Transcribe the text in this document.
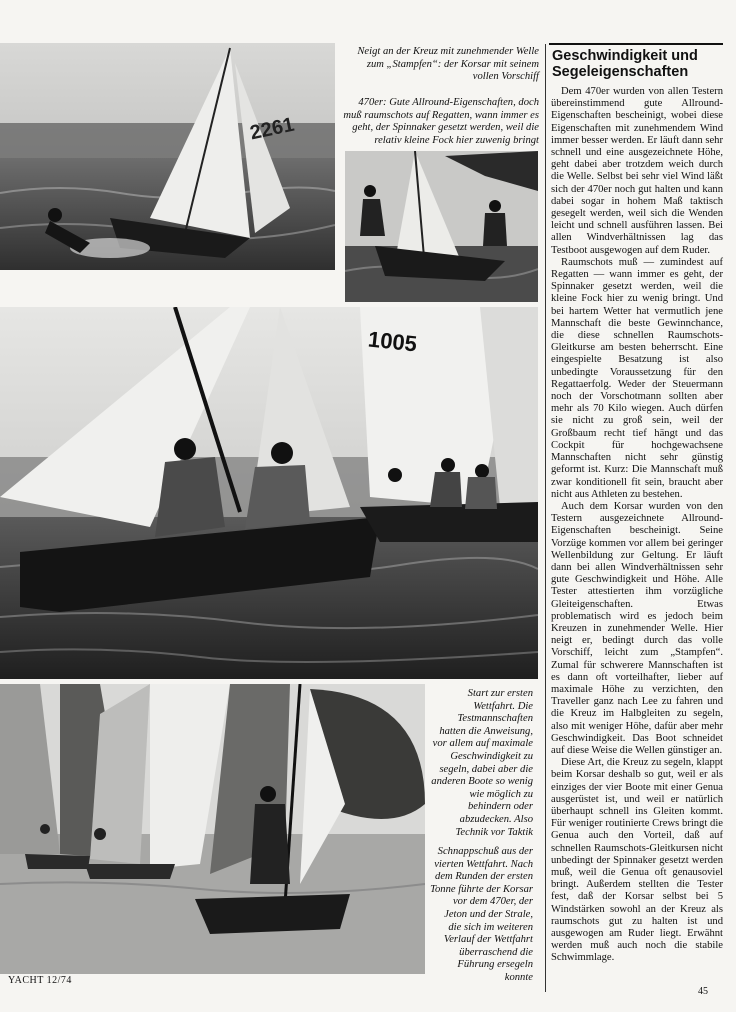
2261
Neigt an der Kreuz mit zunehmender Welle zum „Stampfen“: der Korsar mit seinem vollen Vorschiff
470er: Gute Allround-Eigenschaften, doch muß raumschots auf Regatten, wann immer es geht, der Spinnaker gesetzt werden, weil die relativ kleine Fock hier zuwenig bringt
1005
Start zur ersten Wettfahrt. Die Testmannschaften hatten die Anweisung, vor allem auf maximale Geschwindigkeit zu segeln, dabei aber die anderen Boote so wenig wie möglich zu behindern oder abzudecken. Also Technik vor Taktik
Schnappschuß aus der vierten Wettfahrt. Nach dem Runden der ersten Tonne führte der Korsar vor dem 470er, der Jeton und der Strale, die sich im weiteren Verlauf der Wettfahrt überraschend die Führung ersegeln konnte
Geschwindigkeit und Segeleigenschaften

Dem 470er wurden von allen Testern übereinstimmend gute Allround-Eigenschaften bescheinigt, wobei diese Eigenschaften mit zunehmendem Wind immer besser werden. Er läuft dann sehr schnell und eine ausgezeichnete Höhe, geht dabei aber trotzdem weich durch die Welle. Selbst bei sehr viel Wind läßt sich der 470er noch gut halten und kann dabei sogar in hohem Maß taktisch gesegelt werden, weil sich die Wenden leicht und schnell ausführen lassen. Bei allen Windverhältnissen lag das Testboot ausgewogen auf dem Ruder.

Raumschots muß — zumindest auf Regatten — wann immer es geht, der Spinnaker gesetzt werden, weil die kleine Fock hier zu wenig bringt. Und bei hartem Wetter hat vermutlich jene Mannschaft die beste Gewinnchance, die diese schnellen Raumschots-Gleitkurse am besten beherrscht. Eine eingespielte Besatzung ist also unbedingte Voraussetzung für den Regattaerfolg. Weder der Steuermann noch der Vorschotmann sollten aber mehr als 70 Kilo wiegen. Auch dürfen sie nicht zu groß sein, weil der Großbaum recht tief hängt und das Cockpit für hochgewachsene Mannschaften nicht sehr günstig geformt ist. Kurz: Die Mannschaft muß zwar konditionell fit sein, braucht aber nicht aus Athleten zu bestehen.

Auch dem Korsar wurden von den Testern ausgezeichnete Allround-Eigenschaften bescheinigt. Seine Vorzüge kommen vor allem bei geringer Wellenbildung zur Geltung. Er läuft dann bei allen Windverhältnissen sehr gute Geschwindigkeit und Höhe. Alle Tester attestierten ihm vorzügliche Gleiteigenschaften. Etwas problematisch wird es jedoch beim Kreuzen in zunehmender Welle. Hier neigt er, bedingt durch das volle Vorschiff, leicht zum „Stampfen“. Zumal für schwerere Mannschaften ist es dann oft vorteilhafter, lieber auf maximale Höhe zu verzichten, den Traveller ganz nach Lee zu fahren und die Kreuz im Halbgleiten zu segeln, also mit weniger Höhe, dafür aber mehr Geschwindigkeit. Das Boot schneidet auf diese Weise die Wellen günstiger an.

Diese Art, die Kreuz zu segeln, klappt beim Korsar deshalb so gut, weil er als einziges der vier Boote mit einer Genua ausgerüstet ist, und weil er natürlich überhaupt schnell ins Gleiten kommt. Für weniger routinierte Crews bringt die Genua auch den Vorteil, daß auf schnellen Raumschots-Gleitkursen nicht unbedingt der Spinnaker gesetzt werden muß, weil die Genua oft genausoviel bringt. Außerdem stellten die Tester fest, daß der Korsar selbst bei 5 Windstärken sowohl an der Kreuz als raumschots gut zu halten ist und ausgewogen am Ruder liegt. Erwähnt werden muß auch noch die stabile Schwimmlage.

YACHT 12/74
45
